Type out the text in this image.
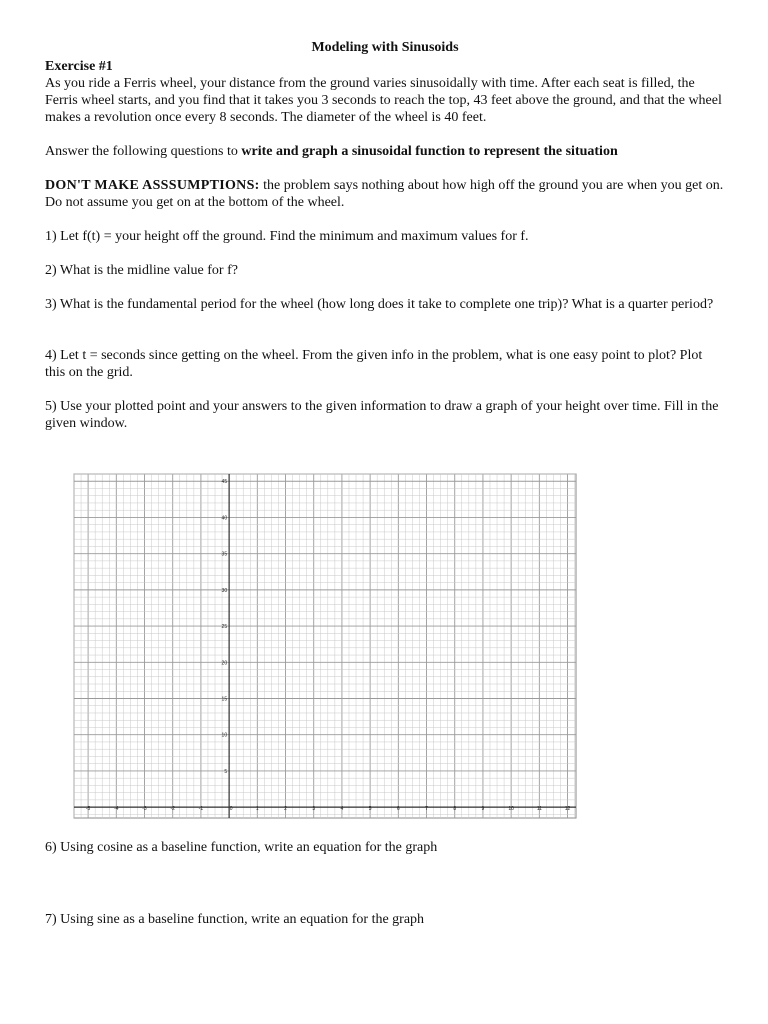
Modeling with Sinusoids

Exercise #1

As you ride a Ferris wheel, your distance from the ground varies sinusoidally with time. After each seat is filled, the Ferris wheel starts, and you find that it takes you 3 seconds to reach the top, 43 feet above the ground, and that the wheel makes a revolution once every 8 seconds. The diameter of the wheel is 40 feet.

Answer the following questions to write and graph a sinusoidal function to represent the situation

DON'T MAKE ASSSUMPTIONS: the problem says nothing about how high off the ground you are when you get on. Do not assume you get on at the bottom of the wheel.

1) Let f(t) = your height off the ground. Find the minimum and maximum values for f.

2) What is the midline value for f?

3) What is the fundamental period for the wheel (how long does it take to complete one trip)? What is a quarter period?

4) Let t = seconds since getting on the wheel. From the given info in the problem, what is one easy point to plot? Plot this on the grid.

5) Use your plotted point and your answers to the given information to draw a graph of your height over time. Fill in the given window.

-5	-4	-3	-2	-1	0	1	2	3	4	5	6	7	8	9	10	11	12
5
10
15
20
25
30
35
40
45

6) Using cosine as a baseline function, write an equation for the graph

7) Using sine as a baseline function, write an equation for the graph
